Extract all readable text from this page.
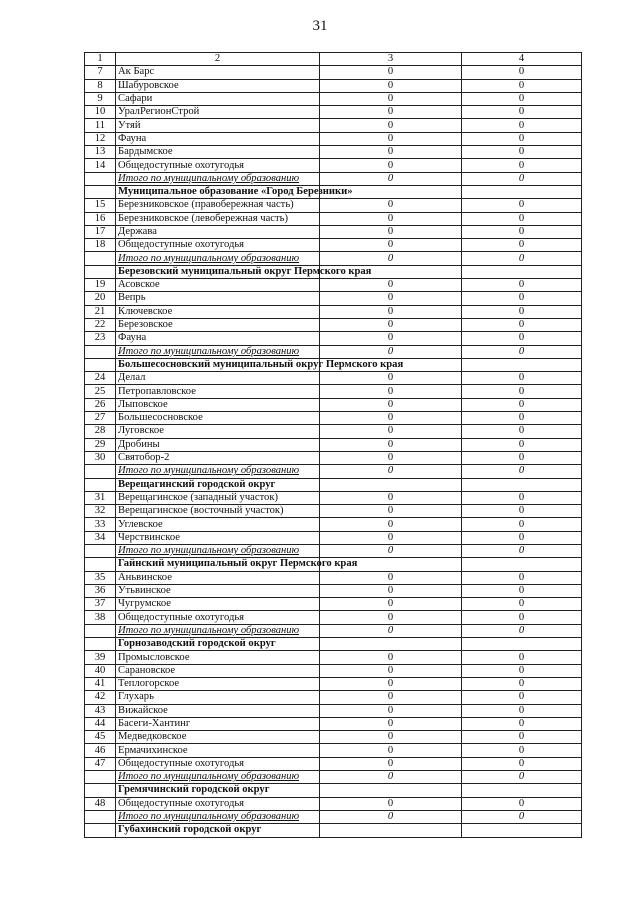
31
1	2	3	4
7	Ак Барс	0	0
8	Шабуровское	0	0
9	Сафари	0	0
10	УралРегионСтрой	0	0
11	Утяй	0	0
12	Фауна	0	0
13	Бардымское	0	0
14	Общедоступные охотугодья	0	0
	Итого по муниципальному образованию	0	0
	Муниципальное образование «Город Березники»		
15	Березниковское (правобережная часть)	0	0
16	Березниковское (левобережная часть)	0	0
17	Держава	0	0
18	Общедоступные охотугодья	0	0
	Итого по муниципальному образованию	0	0
	Березовский муниципальный округ Пермского края		
19	Асовское	0	0
20	Вепрь	0	0
21	Ключевское	0	0
22	Березовское	0	0
23	Фауна	0	0
	Итого по муниципальному образованию	0	0
	Большесосновский муниципальный округ Пермского края		
24	Делал	0	0
25	Петропавловское	0	0
26	Лыповское	0	0
27	Большесосновское	0	0
28	Луговское	0	0
29	Дробины	0	0
30	Святобор-2	0	0
	Итого по муниципальному образованию	0	0
	Верещагинский городской округ		
31	Верещагинское (западный участок)	0	0
32	Верещагинское (восточный участок)	0	0
33	Углевское	0	0
34	Черствинское	0	0
	Итого по муниципальному образованию	0	0
	Гайнский муниципальный округ Пермского края		
35	Аньвинское	0	0
36	Утьвинское	0	0
37	Чугрумское	0	0
38	Общедоступные охотугодья	0	0
	Итого по муниципальному образованию	0	0
	Горнозаводский городской округ		
39	Промысловское	0	0
40	Сарановское	0	0
41	Теплогорское	0	0
42	Глухарь	0	0
43	Вижайское	0	0
44	Басеги-Хантинг	0	0
45	Медведковское	0	0
46	Ермачихинское	0	0
47	Общедоступные охотугодья	0	0
	Итого по муниципальному образованию	0	0
	Гремячинский городской округ		
48	Общедоступные охотугодья	0	0
	Итого по муниципальному образованию	0	0
	Губахинский городской округ		
